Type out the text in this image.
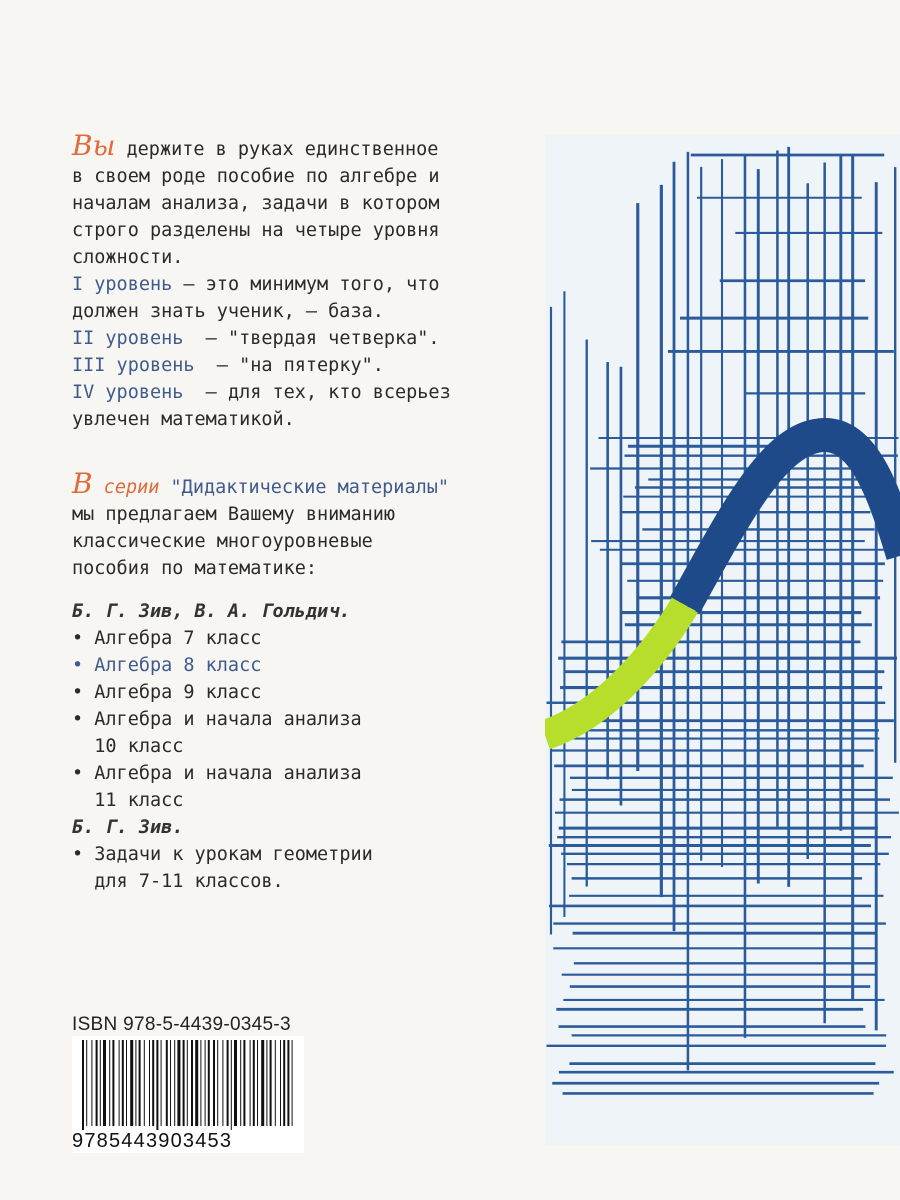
Вы держите в руках единственное
в своем роде пособие по алгебре и
началам анализа, задачи в котором
строго разделены на четыре уровня
сложности.
I уровень — это минимум того, что
должен знать ученик, — база.
II уровень  — "твердая четверка".
III уровень  — "на пятерку".
IV уровень  — для тех, кто всерьез
увлечен математикой.
В серии "Дидактические материалы"
мы предлагаем Вашему вниманию
классические многоуровневые
пособия по математике:
Б. Г. Зив, В. А. Гольдич.
• Алгебра 7 класс
• Алгебра 8 класс
• Алгебра 9 класс
• Алгебра и начала анализа
10 класс
• Алгебра и начала анализа
11 класс
Б. Г. Зив.
• Задачи к урокам геометрии
для 7-11 классов.
ISBN 978-5-4439-0345-3
9785443903453
